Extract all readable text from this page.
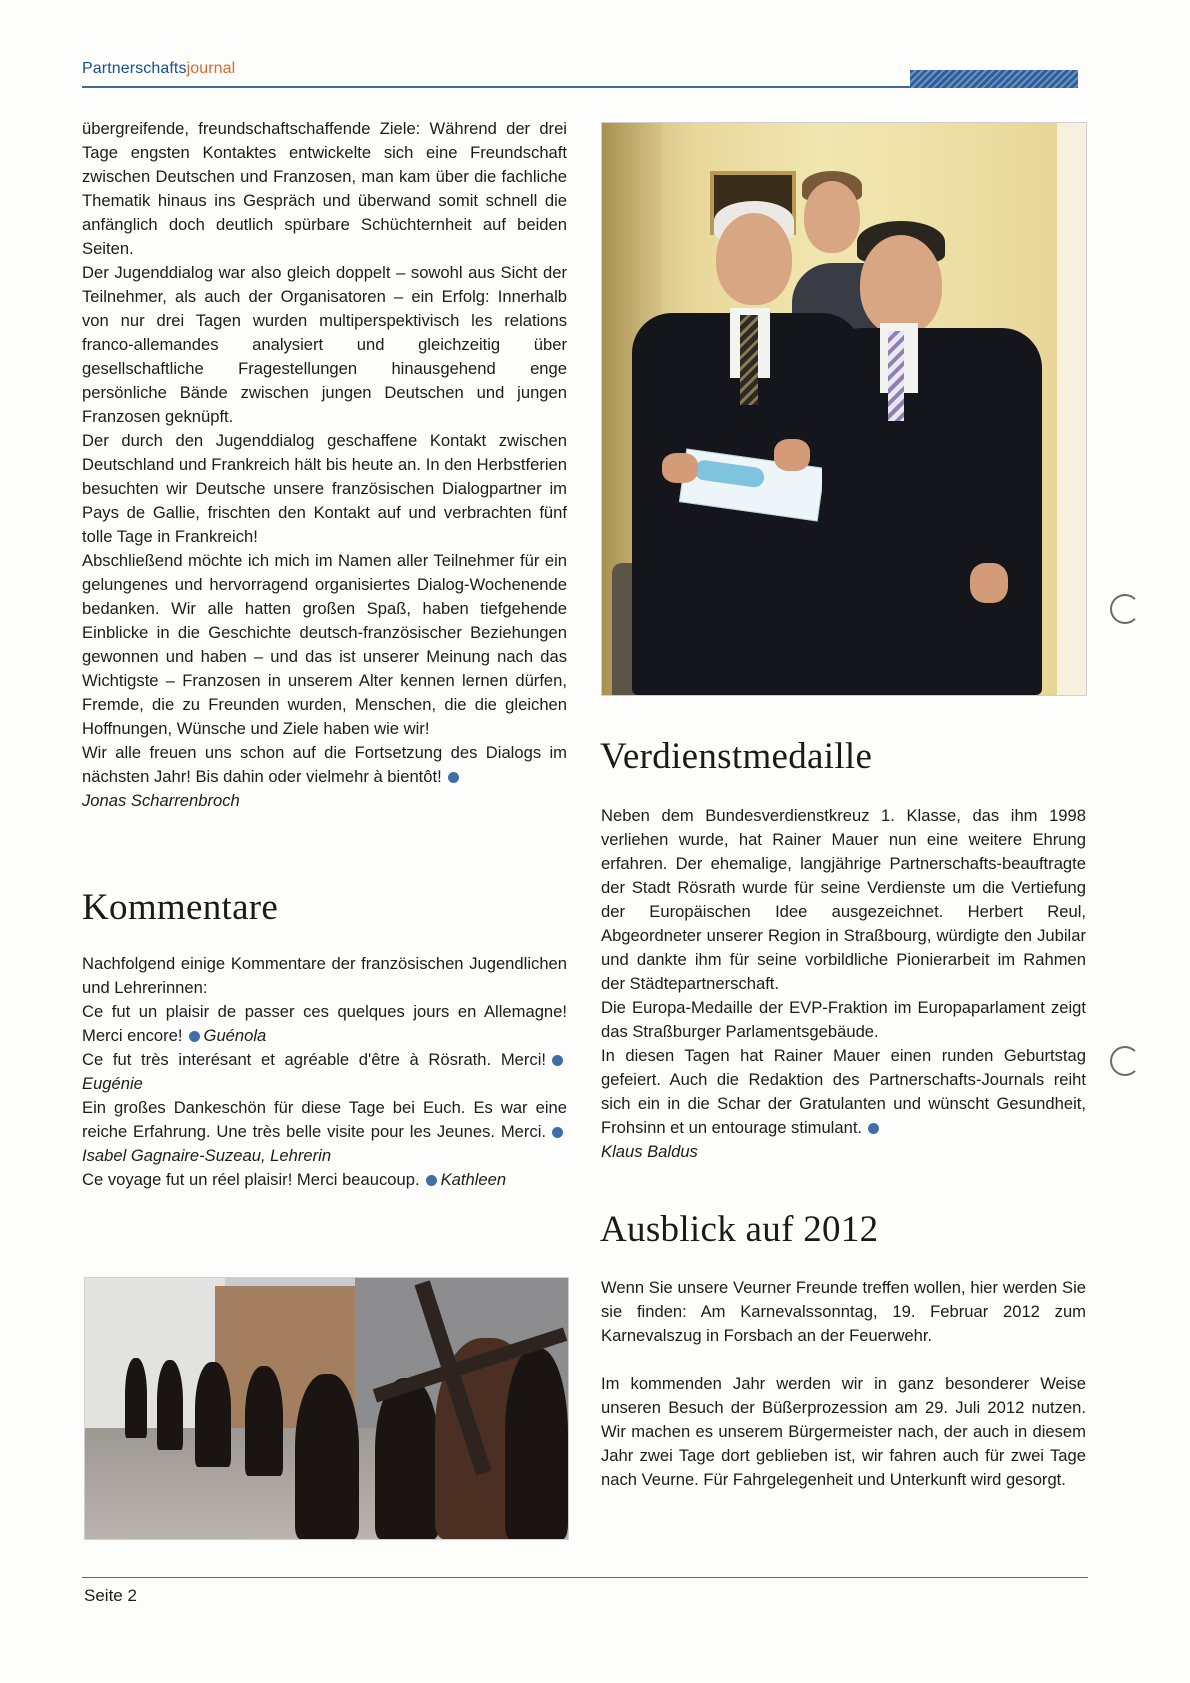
Partnerschaftsjournal

übergreifende, freundschaftschaffende Ziele: Während der drei Tage engsten Kontaktes entwickelte sich eine Freundschaft zwischen Deutschen und Franzosen, man kam über die fachliche Thematik hinaus ins Gespräch und überwand somit schnell die anfänglich doch deutlich spürbare Schüchternheit auf beiden Seiten.

Der Jugenddialog war also gleich doppelt – sowohl aus Sicht der Teilnehmer, als auch der Organisatoren – ein Erfolg: Innerhalb von nur drei Tagen wurden multiperspektivisch les relations franco-allemandes analysiert und gleichzeitig über gesellschaftliche Fragestellungen hinausgehend enge persönliche Bände zwischen jungen Deutschen und jungen Franzosen geknüpft.

Der durch den Jugenddialog geschaffene Kontakt zwischen Deutschland und Frankreich hält bis heute an. In den Herbstferien besuchten wir Deutsche unsere französischen Dialogpartner im Pays de Gallie, frischten den Kontakt auf und verbrachten fünf tolle Tage in Frankreich!

Abschließend möchte ich mich im Namen aller Teilnehmer für ein gelungenes und hervorragend organisiertes Dialog-Wochenende bedanken. Wir alle hatten großen Spaß, haben tiefgehende Einblicke in die Geschichte deutsch-französischer Beziehungen gewonnen und haben – und das ist unserer Meinung nach das Wichtigste – Franzosen in unserem Alter kennen lernen dürfen, Fremde, die zu Freunden wurden, Menschen, die die gleichen Hoffnungen, Wünsche und Ziele haben wie wir!

Wir alle freuen uns schon auf die Fortsetzung des Dialogs im nächsten Jahr! Bis dahin oder vielmehr à bientôt!

Jonas Scharrenbroch

Kommentare

Nachfolgend einige Kommentare der französischen Jugendlichen und Lehrerinnen:

Ce fut un plaisir de passer ces quelques jours en Allemagne! Merci encore! Guénola

Ce fut très interésant et agréable d'être à Rösrath. Merci!Eugénie

Ein großes Dankeschön für diese Tage bei Euch. Es war eine reiche Erfahrung. Une très belle visite pour les Jeunes. Merci.Isabel Gagnaire-Suzeau, Lehrerin

Ce voyage fut un réel plaisir! Merci beaucoup. Kathleen

Verdienstmedaille

Neben dem Bundesverdienstkreuz 1. Klasse, das ihm 1998 verliehen wurde, hat Rainer Mauer nun eine weitere Ehrung erfahren. Der ehemalige, langjährige Partnerschafts-beauftragte der Stadt Rösrath wurde für seine Verdienste um die Vertiefung der Europäischen Idee ausgezeichnet. Herbert Reul, Abgeordneter unserer Region in Straßbourg, würdigte den Jubilar und dankte ihm für seine vorbildliche Pionierarbeit im Rahmen der Städtepartnerschaft.

Die Europa-Medaille der EVP-Fraktion im Europaparlament zeigt das Straßburger Parlamentsgebäude.

In diesen Tagen hat Rainer Mauer einen runden Geburtstag gefeiert. Auch die Redaktion des Partnerschafts-Journals reiht sich ein in die Schar der Gratulanten und wünscht Gesundheit, Frohsinn et un entourage stimulant.

Klaus Baldus

Ausblick auf 2012

Wenn Sie unsere Veurner Freunde treffen wollen, hier werden Sie sie finden: Am Karnevalssonntag, 19. Februar 2012 zum Karnevalszug in Forsbach an der Feuerwehr.

Im kommenden Jahr werden wir in ganz besonderer Weise unseren Besuch der Büßerprozession am 29. Juli 2012 nutzen. Wir machen es unserem Bürgermeister nach, der auch in diesem Jahr zwei Tage dort geblieben ist, wir fahren auch für zwei Tage nach Veurne. Für Fahrgelegenheit und Unterkunft wird gesorgt.

Seite 2
